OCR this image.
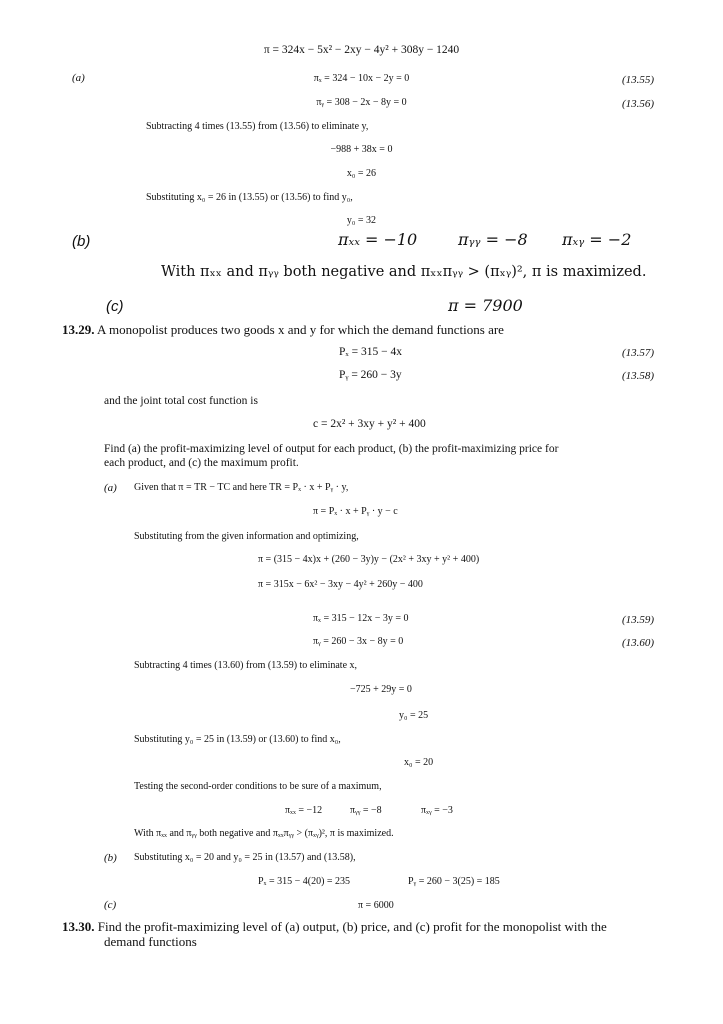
π = 324x − 5x² − 2xy − 4y² + 308y − 1240
(a)	πₓ = 324 − 10x − 2y = 0	(13.55)
πᵧ = 308 − 2x − 8y = 0	(13.56)
Subtracting 4 times (13.55) from (13.56) to eliminate y,
−988 + 38x = 0
x₀ = 26
Substituting x₀ = 26 in (13.55) or (13.56) to find y₀,
y₀ = 32
(b)	πₓₓ = −10	πᵧᵧ = −8 πₓᵧ = −2
With πₓₓ and πᵧᵧ both negative and πₓₓπᵧᵧ > (πₓᵧ)², π is maximized.
(c)	π = 7900
13.29. A monopolist produces two goods x and y for which the demand functions are
Pₓ = 315 − 4x	(13.57)
Pᵧ = 260 − 3y	(13.58)
and the joint total cost function is
c = 2x² + 3xy + y² + 400
Find (a) the profit-maximizing level of output for each product, (b) the profit-maximizing price for
each product, and (c) the maximum profit.
(a) Given that π = TR − TC and here TR = Pₓ · x + Pᵧ · y,
π = Pₓ · x + Pᵧ · y − c
Substituting from the given information and optimizing,
π = (315 − 4x)x + (260 − 3y)y − (2x² + 3xy + y² + 400)
π = 315x − 6x² − 3xy − 4y² + 260y − 400
πₓ = 315 − 12x − 3y = 0	(13.59)
πᵧ = 260 − 3x − 8y = 0	(13.60)
Subtracting 4 times (13.60) from (13.59) to eliminate x,
−725 + 29y = 0
y₀ = 25
Substituting y₀ = 25 in (13.59) or (13.60) to find x₀,
x₀ = 20
Testing the second-order conditions to be sure of a maximum,
πₓₓ = −12	πᵧᵧ = −8	πₓᵧ = −3
With πₓₓ and πᵧᵧ both negative and πₓₓπᵧᵧ > (πₓᵧ)², π is maximized.
(b) Substituting x₀ = 20 and y₀ = 25 in (13.57) and (13.58),
Pₓ = 315 − 4(20) = 235	Pᵧ = 260 − 3(25) = 185
(c)	π = 6000
13.30. Find the profit-maximizing level of (a) output, (b) price, and (c) profit for the monopolist with the
demand functions
